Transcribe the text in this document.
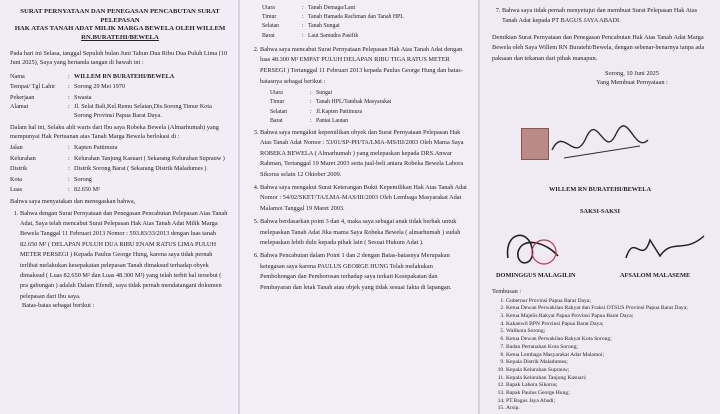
SURAT PERNYATAAN DAN PENEGASAN PENCABUTAN SURAT PELEPASAN

HAK ATAS TANAH ADAT MILIK MARGA BEWELA OLEH WILLEM

RN.BURATEHI/BEWELA

Pada hari ini Selasa, tanggal Sepuluh bulan Juni Tahun Dua Ribu Dua Puluh Lima (10 Juni 2025), Saya yang bertanda tangan di bawah ini :

Nama	: WILLEM RN BURATEHI/BEWELA
Tempat/ Tgl Lahir	: Sorong 29 Mei 1970
Pekerjaan	: Swasta
Alamat	: Jl. Selat Bali,Kel.Remu Selatan,Dis.Sorong Timur Kota Sorong Provinsi Papua Barat Daya.

Dalam hal ini, Selaku ahli waris dari Ibu saya Robeka Bewela (Almarhumah) yang mempunyai Hak Pertuanan atas Tanah Marga Bewela berlokasi di :

Jalan	: Kapten Pattimura
Kelurahan	: Kelurahan Tanjung Kasuari ( Sekarang Kelurahan Suprauw )
Distrik	: Distrik Sorong Barat ( Sekarang Distrik Maladumes )
Kota	: Sorong
Luas	: 82.650 M²

Bahwa saya menyatakan dan menegaskan bahwa,

1. Bahwa dengan Surat Pernyataan dan Penegasan Pencabutan Pelepasan Atas Tanah Adat, Saya telah mencabut Surat Pelepasan Hak Atas Tanah Adat Milik Marga Bewela Tanggal 11 Februari 2013 Nomor : 593.83/33/2013 dengan luas tanah 82.650 M² ( DELAPAN PULUH DUA RIBU ENAM RATUS LIMA PULUH METER PERSEGI ) Kepada Paulus George Hung, karena saya tidak pernah terlibat melakukan kesepakatan pelepasan Tanah dimaksud terhadap obyek dimaksud ( Luas 82.650 M² dan Luas 48.300 M²) yang telah terbit hal tersebut ( pra gabungan ) adalah Dalam Efendi, saya tidak pernah mendatangani dokumen pelepasan dari Ibu saya.

Batas-batas sebagai berikut :

Utara	: Tanah Demaga/Laut
Timur	: Tanah Hamada Rachman dan Tanah HPL
Selatan	: Tanah Sungai
Barat	: Laut Samudra Pasifik
2. Bahwa saya mencabut Surat Pernyataan Pelepasan Hak Atas Tanah Adat dengan luas 48.300 M² EMPAT PULUH DELAPAN RIBU TIGA RATUS METER PERSEGI ) Tertanggal 11 Februari 2013 kepada Paulus George Hung dan batas-batasnya sebagai berikut :
Utara	: Sungai
Timur	: Tanah HPL/Tambak Masyarakat
Selatan	: Jl.Kapten Pattimura
Barat	: Pantai Lautan
3. Bahwa saya mengakui kepemilikan obyek dan Surat Pernyataan Pelepasan Hak Atas Tanah Adat Nomor : 53/01/SP-PH/TA/LMA-MS/III/2003 Oleh Mama Saya ROBEKA BEWELA ( Almarhumah ) yang melepaskan kepada DRS.Anwar Rahman, Tertanggal 19 Maret 2003 serta jual-beli antara Robeka Bewela Labora Sikorus selain 12 Oktober 2009.
4. Bahwa saya mengakui Surat Keterangan Bukti Kepemilikan Hak Atas Tanah Adat Nomor : 54/02/SKET/TA/LMA-MAS/III/2003 Oleh Lembaga Masyarakat Adat Malamoi Tanggal 19 Maret 2003.
5. Bahwa berdasarkan point 3 dan 4, maka saya sebagai anak tidak berhak untuk melepaskan Tanah Adat Jika mama Saya Robeka Bewela ( almarhumah ) sudah melepaskan lebih dulu kepada pihak lain ( Sesuai Hukum Adat ).
6. Bahwa Pencabutan dalam Point 1 dan 2 dengan Batas-batasnya Merupakan ketegasan saya karena PAULUS GEORGE HUNG Telah melakukan Pembohongan dan Pemborosan terhadap saya terkait Kesepakatan dan Pembayaran dan letak Tanah atau objek yang tidak sesuai fakta di lapangan.
7. Bahwa saya tidak pernah menyetujui dan membuat Surat Pelepasan Hak Atas Tanah Adat kepada PT BAGUS JAYA ABADI.

Demikian Surat Pernyataan dan Penegasan Pencabutan Hak Atas Tanah Adat Marga Bewela oleh Saya Willem RN Buratehi/Bewela, dengan sebenar-benarnya tanpa ada paksaan dan tekanan dari pihak manapun.

Sorong, 10 Juni 2025

Yang Membuat Pernyataan :

WILLEM RN BURATEHI/BEWELA

SAKSI-SAKSI

DOMINGGUS MALAGILIN	AFSALOM MALASEME

Tembusan :

1. Gubernur Provinsi Papua Barat Daya;
2. Ketua Dewan Perwakilan Rakyat dan Fraksi OTSUS Provinsi Papua Barat Daya;
3. Ketua Majelis Rakyat Papua Provinsi Papua Barat Daya;
4. Kakanwil BPN Provinsi Papua Barat Daya;
5. Walikota Sorong;
6. Ketua Dewan Perwakilan Rakyat Kota Sorong;
7. Badan Pertanahan Kota Sorong;
8. Ketua Lembaga Masyarakat Adat Malamoi;
9. Kepala Distrik Maladumes;
10. Kepala Kelurahan Suprauw;
11. Kepala Kelurahan Tanjung Kasuari;
12. Bapak Labora Sikorus;
13. Bapak Paulus George Hung;
14. PT.Bagus Jaya Abadi;
15. Arsip.
